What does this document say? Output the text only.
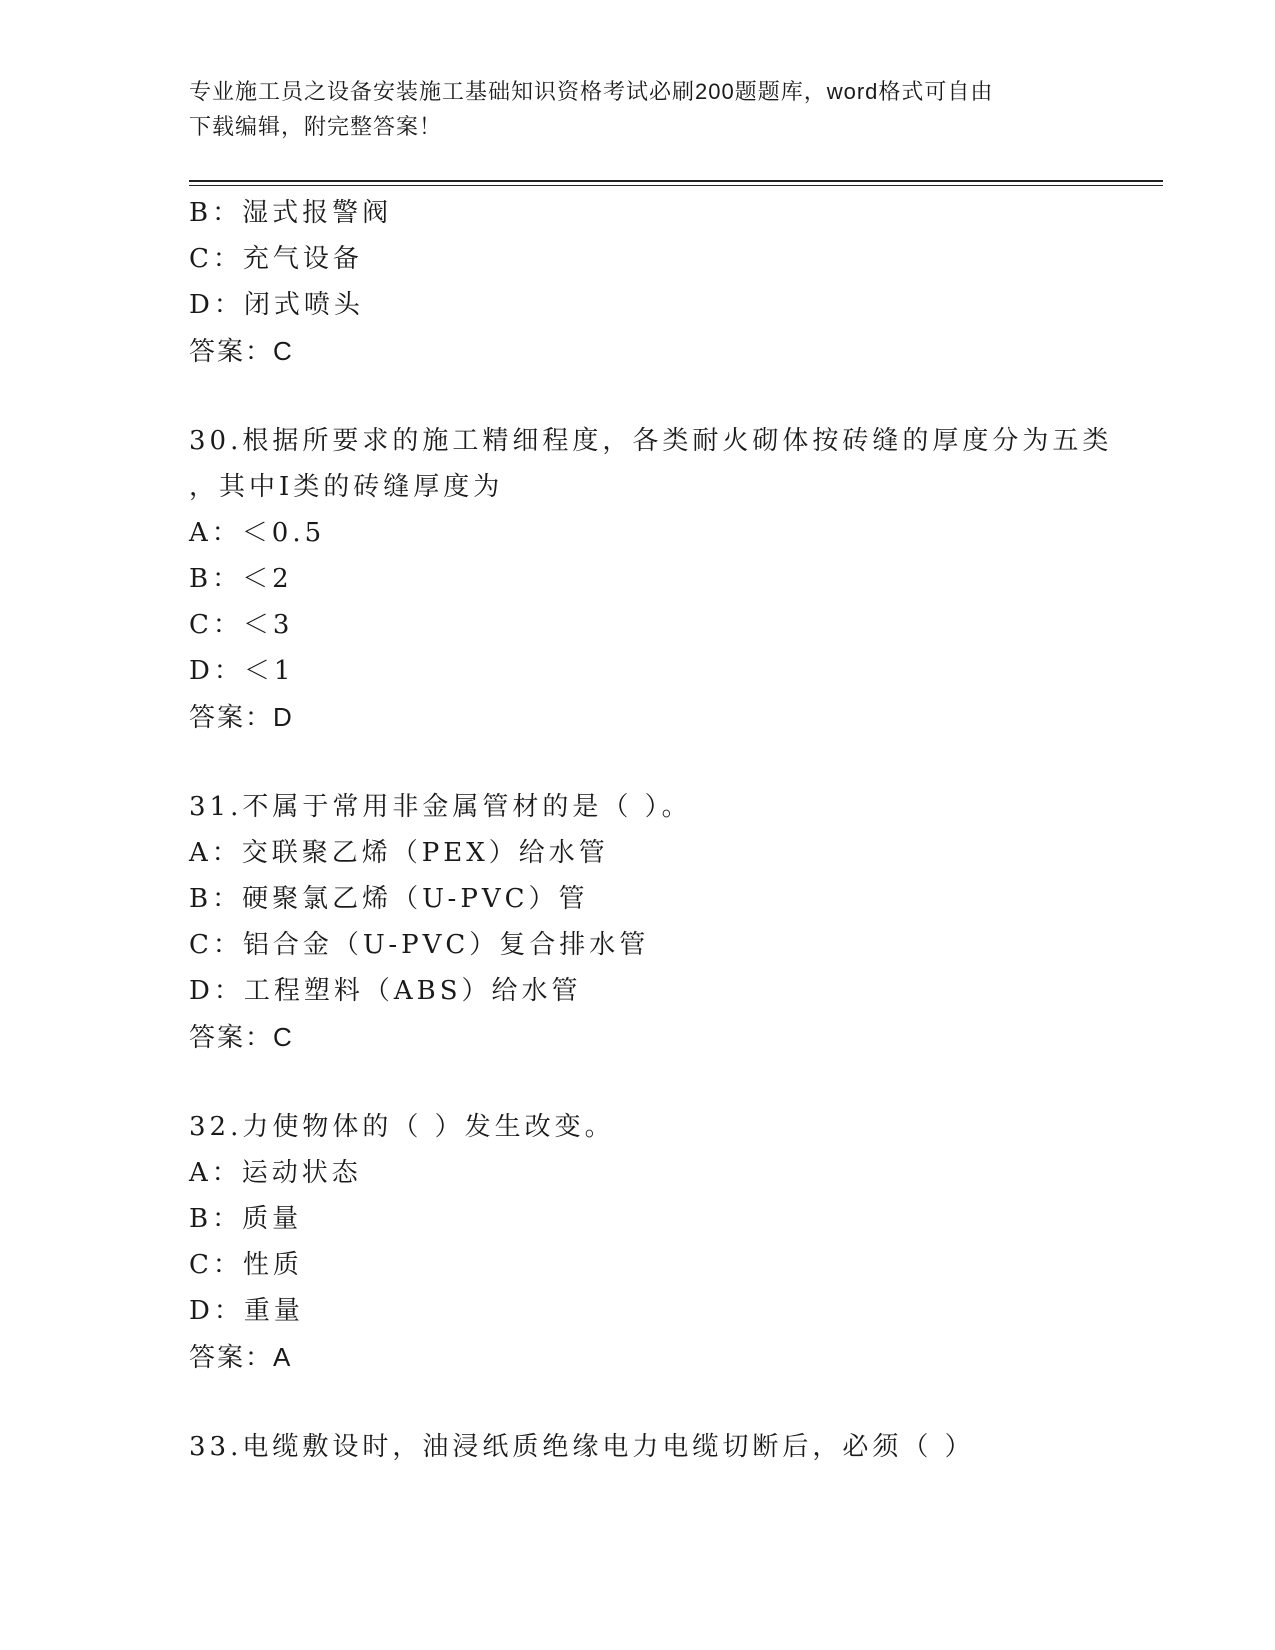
专业施工员之设备安装施工基础知识资格考试必刷200题题库，word格式可自由
下载编辑，附完整答案！
B：湿式报警阀
C：充气设备
D：闭式喷头
答案：C
30.根据所要求的施工精细程度，各类耐火砌体按砖缝的厚度分为五类
，其中Ⅰ类的砖缝厚度为
A：＜0.5
B：＜2
C：＜3
D：＜1
答案：D
31.不属于常用非金属管材的是（ ）。
A：交联聚乙烯（PEX）给水管
B：硬聚氯乙烯（U-PVC）管
C：铝合金（U-PVC）复合排水管
D：工程塑料（ABS）给水管
答案：C
32.力使物体的（ ）发生改变。
A：运动状态
B：质量
C：性质
D：重量
答案：A
33.电缆敷设时，油浸纸质绝缘电力电缆切断后，必须（ ）
